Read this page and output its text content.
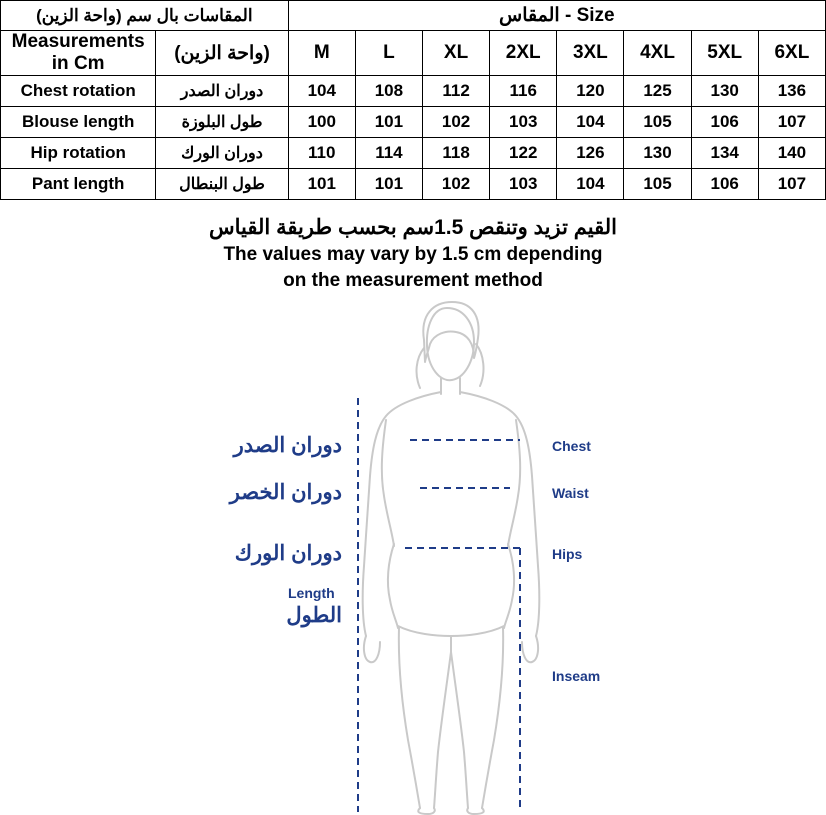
المقاسات بال سم (واحة الزين)		المقاس - Size							
Measurements in Cm	(واحة الزين)	M	L	XL	2XL	3XL	4XL	5XL	6XL
Chest rotation	دوران الصدر	104	108	112	116	120	125	130	136
Blouse length	طول البلوزة	100	101	102	103	104	105	106	107
Hip rotation	دوران الورك	110	114	118	122	126	130	134	140
Pant length	طول البنطال	101	101	102	103	104	105	106	107
القيم تزيد وتنقص 1.5سم بحسب طريقة القياس
The values may vary by 1.5 cm depending
on the measurement method
دوران الصدر	Chest
دوران الخصر	Waist
دوران الورك	Hips
Length
الطول
Inseam
